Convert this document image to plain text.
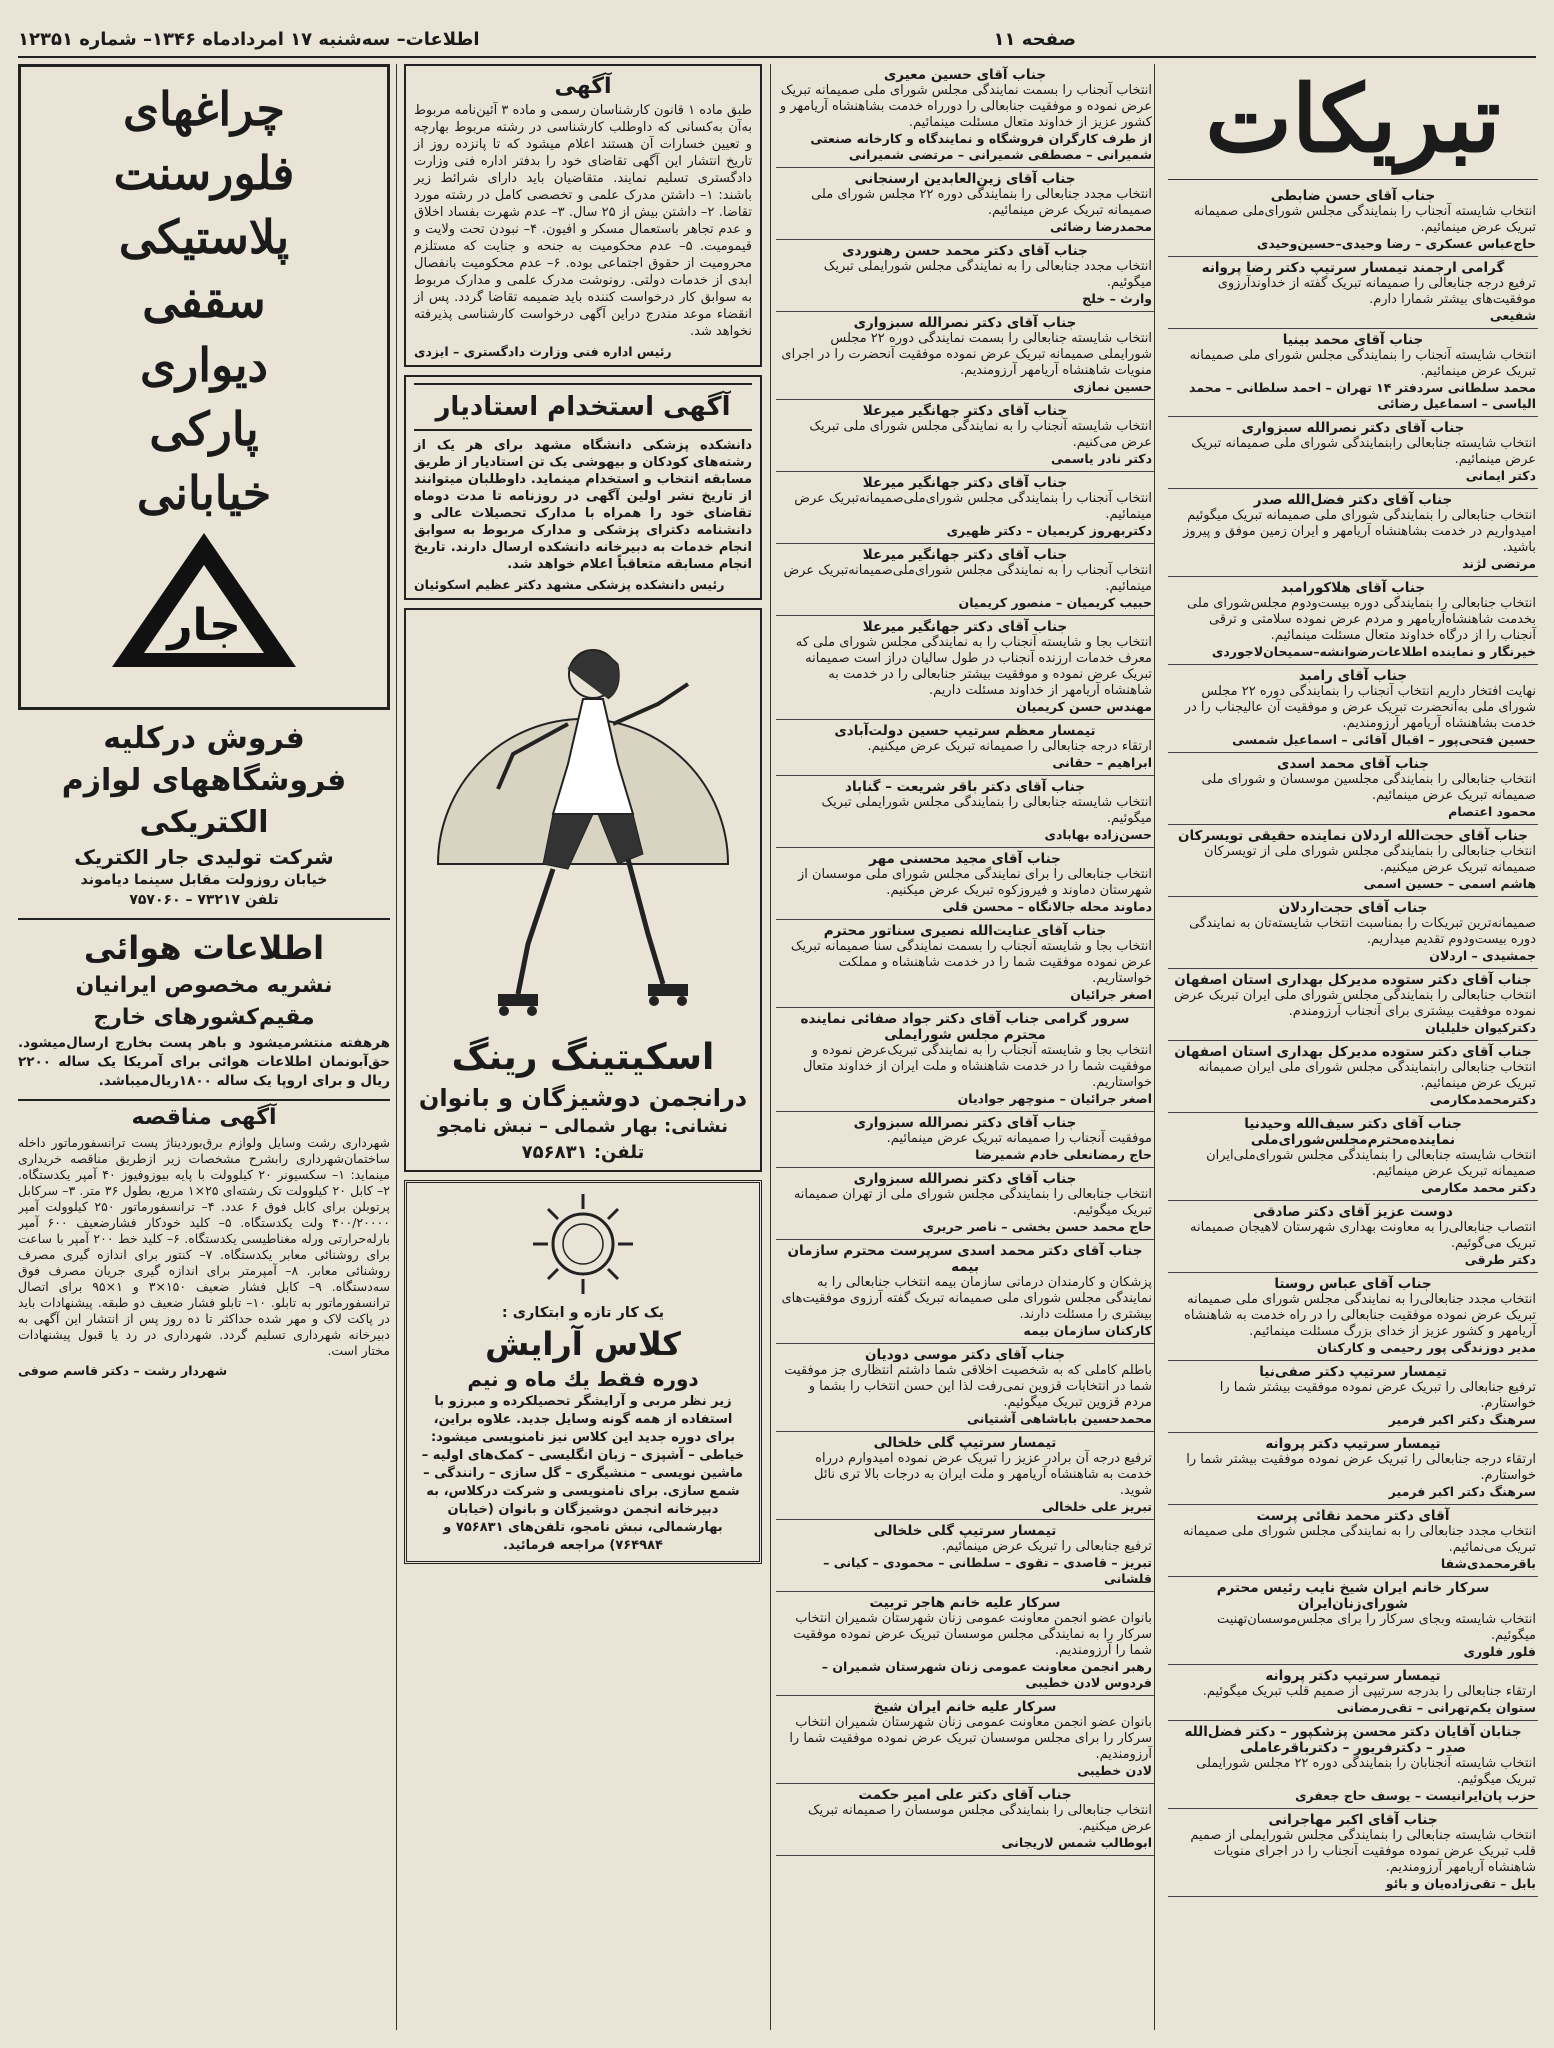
صفحه ۱۱
اطلاعات– سه‌شنبه ۱۷ امرداد‌ماه ۱۳۴۶– شماره ۱۲۳۵۱
تبریکات
جناب آقای حسن ضابطی
انتخاب شایسته آنجناب را بنمایندگی مجلس شورای‌ملی صمیمانه تبریک عرض مینمائیم.
حاج‌عباس عسکری – رضا وحیدی‌–حسین‌وحیدی
گرامی ارجمند تیمسار سرتیپ دکتر رضا پروانه
ترفیع درجه جنابعالی را صمیمانه تبریک گفته از خداوند‌آرزوی موفقیت‌های بیشتر شمارا دارم.
شفیعی
جناب آقای محمد بینیا
انتخاب شایسته آنجناب را بنمایندگی مجلس شورای ملی صمیمانه تبریک عرض مینمائیم.
محمد سلطانی سردفتر ۱۴ تهران – احمد سلطانی – محمد الیاسی – اسماعیل رضائی
جناب آقای دکتر نصرالله سبزواری
انتخاب شایسته جنابعالی رابنمایندگی شورای ملی صمیمانه تبریک عرض مینمائیم.
دکتر ایمانی
جناب آقای دکتر فضل‌الله صدر
انتخاب جنابعالی را بنمایندگی شورای ملی صمیمانه تبریک میگوئیم امیدواریم در خدمت بشاهنشاه آریامهر و ایران زمین موفق و پیروز باشید.
مرتضی لژند
جناب آقای هلاکورامبد
انتخاب جنابعالی را بنمایندگی دوره بیست‌ودوم مجلس‌شورای ملی بخدمت شاهنشاه‌آریامهر و مردم عرض نموده سلامتی و ترقی آنجناب را از درگاه خداوند متعال مسئلت مینمائیم.
خیرنگار و نماینده اطلاعات‌رضوانشه–سمیحان‌لاجوردی
جناب آقای رامبد
نهایت افتخار داریم انتخاب آنجناب را بنمایندگی دوره ۲۲ مجلس شورای ملی به‌آنحضرت تبریک عرض و موفقیت آن عالیجناب را در خدمت بشاهنشاه آریامهر آرزومندیم.
حسین فتحی‌پور – اقبال آقائی – اسماعیل شمسی
جناب آقای محمد اسدی
انتخاب جنابعالی را بنمایندگی مجلسین موسسان و شورای ملی صمیمانه تبریک عرض مینمائیم.
محمود اعتصام
جناب آقای حجت‌الله اردلان نماینده حقیقی تویسرکان
انتخاب جنابعالی را بنمایندگی مجلس شورای ملی از تویسرکان صمیمانه تبریک عرض میکنیم.
هاشم اسمی – حسین اسمی
جناب آقای حجت‌اردلان
صمیمانه‌ترین تبریکات را بمناسبت انتخاب شایسته‌تان به نمایندگی دوره بیست‌ودوم تقدیم میداریم.
جمشیدی – اردلان
جناب آقای دکتر ستوده مدیرکل بهداری استان اصفهان
انتخاب جنابعالی را بنمایندگی مجلس شورای ملی ایران تبریک عرض نموده موفقیت بیشتری برای آنجناب آرزومندم.
دکترکیوان خلیلیان
جناب آقای دکتر ستوده مدیرکل بهداری استان اصفهان
انتخاب جنابعالی رابنمایندگی مجلس شورای ملی ایران صمیمانه تبریک عرض مینمائیم.
دکترمحمدمکارمی
جناب آقای دکتر سیف‌الله وحیدنیا نماینده‌محترم‌مجلس‌شورای‌ملی
انتخاب شایسته جنابعالی را بنمایندگی مجلس شورای‌ملی‌ایران صمیمانه تبریک عرض مینمائیم.
دکتر محمد مکارمی
دوست عزیز آقای دکتر صادقی
انتصاب جنابعالی‌را به معاونت بهداری شهرستان لاهیجان صمیمانه تبریک می‌گوئیم.
دکتر طرقی
جناب آقای عباس روستا
انتخاب مجدد جنابعالی‌را به نمایندگی مجلس شورای ملی صمیمانه تبریک عرض نموده موفقیت جنابعالی را در راه خدمت به شاهنشاه آریامهر و کشور عزیز از خدای بزرگ مسئلت مینمائیم.
مدیر دوزندگی پور رحیمی و کارکنان
تیمسار سرتیپ دکتر صفی‌نیا
ترفیع جنابعالی را تبریک عرض نموده موفقیت بیشتر شما را خواستارم.
سرهنگ دکتر اکبر فرمیر
تیمسار سرتیپ دکتر پروانه
ارتقاء درجه جنابعالی را تبریک عرض نموده موفقیت بیشتر شما را خواستارم.
سرهنگ دکتر اکبر فرمیر
آقای دکتر محمد نقائی پرست
انتخاب مجدد جنابعالی را به نمایندگی مجلس شورای ملی صمیمانه تبریک می‌نمائیم.
باقرمحمدی‌‌شفا
سرکار خانم ایران شیخ نایب رئیس محترم شورای‌زنان‌ایران
انتخاب شایسته وبجای سرکار را برای مجلس‌موسسان‌تهنیت میگوئیم.
فلور فلوری
تیمسار سرتیپ دکتر پروانه
ارتقاء جنابعالی را بدرجه سرتیپی از صمیم قلب تبریک میگوئیم.
ستوان یکم‌تهرانی – تقی‌رمضانی
جنابان آقایان دکتر محسن پزشکپور – دکتر فضل‌الله صدر – دکترفریور – دکترباقرعاملی
انتخاب شایسته آنجنابان را بنمایندگی دوره ۲۲ مجلس شورایملی تبریک میگوئیم.
حزب پان‌ایرانیست – یوسف حاج جعفری
جناب آقای اکبر مهاجرانی
انتخاب شایسته جنابعالی را بنمایندگی مجلس شورایملی از صمیم قلب تبریک عرض نموده موفقیت آنجناب را در اجرای منویات شاهنشاه آریامهر آرزومندیم.
بابل – تقی‌زاده‌یان و بائو
جناب آقای حسین معیری
انتخاب آنجناب را بسمت نمایندگی مجلس شورای ملی صمیمانه تبریک عرض نموده و موفقیت جنابعالی را دورراه خدمت بشاهنشاه آریامهر و کشور عزیز از خداوند متعال مسئلت مینمائیم.
از طرف کارگران فروشگاه و نمایندگاه و کارخانه صنعتی شمیرانی – مصطفی شمیرانی – مرتضی شمیرانی
جناب آقای زین‌العابدین ارسنجانی
انتخاب مجدد جنابعالی را بنمایندگی دوره ۲۲ مجلس شورای ملی صمیمانه تبریک عرض مینمائیم.
محمدرضا رضائی
جناب آقای دکتر محمد حسن رهنوردی
انتخاب مجدد جنابعالی را به نمایندگی مجلس شورایملی تبریک میگوئیم.
وارث – خلج
جناب آقای دکتر نصرالله سبزواری
انتخاب شایسته جنابعالی را بسمت نمایندگی دوره ۲۲ مجلس شورایملی صمیمانه تبریک عرض نموده موفقیت آنحضرت را در اجرای منویات شاهنشاه آریامهر آرزومندیم.
حسین نمازی
جناب آقای دکتر جهانگیر میرعلا
انتخاب شایسته آنجناب را به نمایندگی مجلس شورای ملی تبریک عرض می‌کنیم.
دکتر نادر یاسمی
جناب آقای دکتر جهانگیر میرعلا
انتخاب آنجناب را بنمایندگی مجلس شورای‌ملی‌صمیمانه‌تبریک عرض مینمائیم.
دکتربهروز کریمیان – دکتر ظهیری
جناب آقای دکتر جهانگیر میرعلا
انتخاب آنجناب را به نمایندگی مجلس شورای‌ملی‌صمیمانه‌تبریک عرض مینمائیم.
حبیب کریمیان – منصور کریمیان
جناب آقای دکتر جهانگیر میرعلا
انتخاب بجا و شایسته آنجناب را به نمایندگی مجلس شورای ملی که معرف خدمات ارزنده آنجناب در طول سالیان دراز است صمیمانه تبریک عرض نموده و موفقیت بیشتر جنابعالی را در خدمت به شاهنشاه آریامهر از خداوند مسئلت داریم.
مهندس حسن کریمیان
تیمسار معظم سرتیپ حسین دولت‌آبادی
ارتقاء درجه جنابعالی را صمیمانه تبریک عرض میکنیم.
ابراهیم – حقانی
جناب آقای دکتر باقر شریعت – گناباد
انتخاب شایسته جنابعالی را بنمایندگی مجلس شورایملی تبریک میگوئیم.
حسن‌زاده بهابادی
جناب آقای مجید محسنی مهر
انتخاب جنابعالی را برای نمایندگی مجلس شورای ملی موسسان از شهرستان دماوند و فیروزکوه تبریک عرض میکنیم.
دماوند محله جالانگاه – محسن قلی
جناب آقای عنایت‌الله نصیری سناتور محترم
انتخاب بجا و شایسته آنجناب را بسمت نمایندگی سنا صمیمانه تبریک عرض نموده موفقیت شما را در خدمت شاهنشاه و مملکت خواستاریم.
اصغر جرائیان
سرور گرامی جناب آقای دکتر جواد صفائی نماینده محترم مجلس شورایملی
انتخاب بجا و شایسته آنجناب را به نمایندگی تبریک‌عرض نموده و موفقیت شما را در خدمت شاهنشاه و ملت ایران از خداوند متعال خواستاریم.
اصغر جرائیان – منوچهر جوادیان
جناب آقای دکتر نصرالله سبزواری
موفقیت آنجناب را صمیمانه تبریک عرض مینمائیم.
حاج رمضانعلی خادم شمیرضا
جناب آقای دکتر نصرالله سبزواری
انتخاب جنابعالی را بنمایندگی مجلس شورای ملی از تهران صمیمانه تبریک میگوئیم.
حاج محمد حسن بخشی – ناصر حریری
جناب آقای دکتر محمد اسدی سرپرست محترم سازمان بیمه
پزشکان و کارمندان درمانی سازمان بیمه انتخاب جنابعالی را به نمایندگی مجلس شورای ملی صمیمانه تبریک گفته آرزوی موفقیت‌های بیشتری را مسئلت دارند.
کارکنان سازمان بیمه
جناب آقای دکتر موسی دودیان
باطلم کاملی که به شخصیت اخلاقی شما داشتم انتظاری جز موفقیت شما در انتخابات قزوین نمی‌رفت لذا این حسن انتخاب را بشما و مردم قزوین تبریک میگوئیم.
محمدحسین باباشاهی آشتیانی
تیمسار سرتیپ گلی خلخالی
ترفیع درجه آن برادر عزیز را تبریک عرض نموده امیدوارم درراه خدمت به شاهنشاه آریامهر و ملت ایران به درجات بالا تری نائل شوید.
تبریز علی خلخالی
تیمسار سرتیپ گلی خلخالی
ترفیع جنابعالی را تبریک عرض مینمائیم.
تبریز – قاصدی – تقوی – سلطانی – محمودی – کیانی – قلشانی
سرکار علیه خانم هاجر تربیت
بانوان عضو انجمن معاونت عمومی زنان شهرستان شمیران انتخاب سرکار را به نمایندگی مجلس موسسان تبریک عرض نموده موفقیت شما را آرزومندیم.
رهبر انجمن معاونت عمومی زنان شهرستان شمیران – فردوس لادن خطیبی
سرکار علیه خانم ایران شیخ
بانوان عضو انجمن معاونت عمومی زنان شهرستان شمیران انتخاب سرکار را برای مجلس موسسان تبریک عرض نموده موفقیت شما را آرزومندیم.
لادن خطیبی
جناب آقای دکتر علی امیر حکمت
انتخاب جنابعالی را بنمایندگی مجلس موسسان را صمیمانه تبریک عرض میکنیم.
ابوطالب شمس لاریجانی
آگهی
طبق ماده ۱ قانون کارشناسان رسمی و ماده ۳ آئین‌نامه مربوط به‌آن به‌کسانی که داوطلب کارشناسی در رشته مربوط بهارچه و تعیین خسارات آن هستند اعلام میشود که تا پانزده روز از تاریخ انتشار این آگهی تقاضای خود را بدفتر اداره فنی وزارت دادگستری تسلیم نمایند. متقاضیان باید دارای شرائط زیر باشند: ۱– داشتن مدرک علمی و تخصصی کامل در رشته مورد تقاضا. ۲– داشتن بیش از ۲۵ سال. ۳– عدم شهرت بفساد اخلاق و عدم تجاهر باستعمال مسکر و افیون. ۴– نبودن تحت ولایت و قیمومیت. ۵– عدم محکومیت به جنحه و جنایت که مستلزم محرومیت از حقوق اجتماعی بوده. ۶– عدم محکومیت بانفصال ابدی از خدمات دولتی. رونوشت مدرک علمی و مدارک مربوط به سوابق کار درخواست کننده باید ضمیمه تقاضا گردد. پس از انقضاء موعد مندرج دراین آگهی درخواست کارشناسی پذیرفته نخواهد شد.
رئیس اداره فنی وزارت دادگستری – ایزدی
آگهی استخدام استادیار
دانشکده پزشکی دانشگاه مشهد برای هر یک از رشته‌های کودکان و بیهوشی یک تن استادیار از طریق مسابقه انتخاب و استخدام مینماید. داوطلبان میتوانند از تاریخ نشر اولین آگهی در روزنامه تا مدت دوماه تقاضای خود را همراه با مدارک تحصیلات عالی و دانشنامه دکترای پزشکی و مدارک مربوط به سوابق انجام خدمات به دبیرخانه دانشکده ارسال دارند. تاریخ انجام مسابقه متعاقباً اعلام خواهد شد.
رئیس دانشکده پزشکی مشهد دکتر عظیم اسکوئیان
اسکیتینگ رینگ
درانجمن دوشیزگان و بانوان
نشانی: بهار شمالی – نبش نامجو
تلفن: ۷۵۶۸۳۱
یک کار تازه و ابتکاری :
کلاس آرایش
دوره فقط یك ماه و نیم
زیر نظر مربی و آرایشگر تحصیلکرده و مبرزو با استفاده از همه گونه وسایل جدید. علاوه براین، برای دوره جدید این کلاس نیز نامنویسی میشود: خیاطی – آشپزی – زبان انگلیسی – کمک‌های اولیه – ماشین نویسی – منشیگری – گل سازی – رانندگی – شمع سازی. برای نامنویسی و شرکت درکلاس، به دبیرخانه انجمن دوشیزگان و بانوان (خیابان بهارشمالی، نبش نامجو، تلفن‌های ۷۵۶۸۳۱ و ۷۶۴۹۸۴) مراجعه فرمائید.
چراغهای
فلورسنت
پلاستیکی
سقفی
دیواری
پارکی
خیابانی
جار
فروش درکلیه فروشگاههای لوازم الکتریکی
شرکت تولیدی جار الکتریک
خیابان روزولت مقابل سینما دیاموند
تلفن ۷۳۲۱۷ – ۷۵۷۰۶۰
اطلاعات هوائی
نشریه مخصوص ایرانیان
مقیم‌کشورهای خارج
هرهفته منتشرمیشود و باهر پست بخارج ارسال‌میشود. حق‌آبونمان اطلاعات هوائی برای آمریکا یک ساله ۲۲۰۰ ریال و برای اروپا یک ساله ۱۸۰۰ریال‌میباشد.
آگهی مناقصه
شهرداری رشت وسایل ولوازم برق‌بوردیناژ پست ترانسفورماتور داخله ساختمان‌شهرداری رابشرح مشخصات زیر ازطریق مناقصه خریداری مینماید: ۱– سکسیونر ۲۰ کیلوولت با پایه بیوزوفیوز ۴۰ آمپر یکدستگاه. ۲– کابل ۲۰ کیلوولت تک رشته‌ای ۲۵×۱ مربع، بطول ۳۶ متر. ۳– سرکابل پرتوبلن برای کابل فوق ۶ عدد. ۴– ترانسفورماتور ۲۵۰ کیلوولت آمپر ۴۰۰/۲۰۰۰۰ ولت یکدستگاه. ۵– کلید خودکار فشارضعیف ۶۰۰ آمپر بارله‌حرارتی ورله مغناطیسی یکدستگاه. ۶– کلید خط ۲۰۰ آمپر با ساعت برای روشنائی معابر یکدستگاه. ۷– کنتور برای اندازه گیری مصرف روشنائی معابر. ۸– آمپرمتر برای اندازه گیری جریان مصرف فوق سه‌دستگاه. ۹– کابل فشار ضعیف ۱۵۰×۳ و ۱×۹۵ برای اتصال ترانسفورماتور به تابلو. ۱۰– تابلو فشار ضعیف دو طبقه. پیشنهادات باید در پاکت لاک و مهر شده حداکثر تا ده روز پس از انتشار این آگهی به دبیرخانه شهرداری تسلیم گردد. شهرداری در رد یا قبول پیشنهادات مختار است.
شهردار رشت – دکتر قاسم صوفی
